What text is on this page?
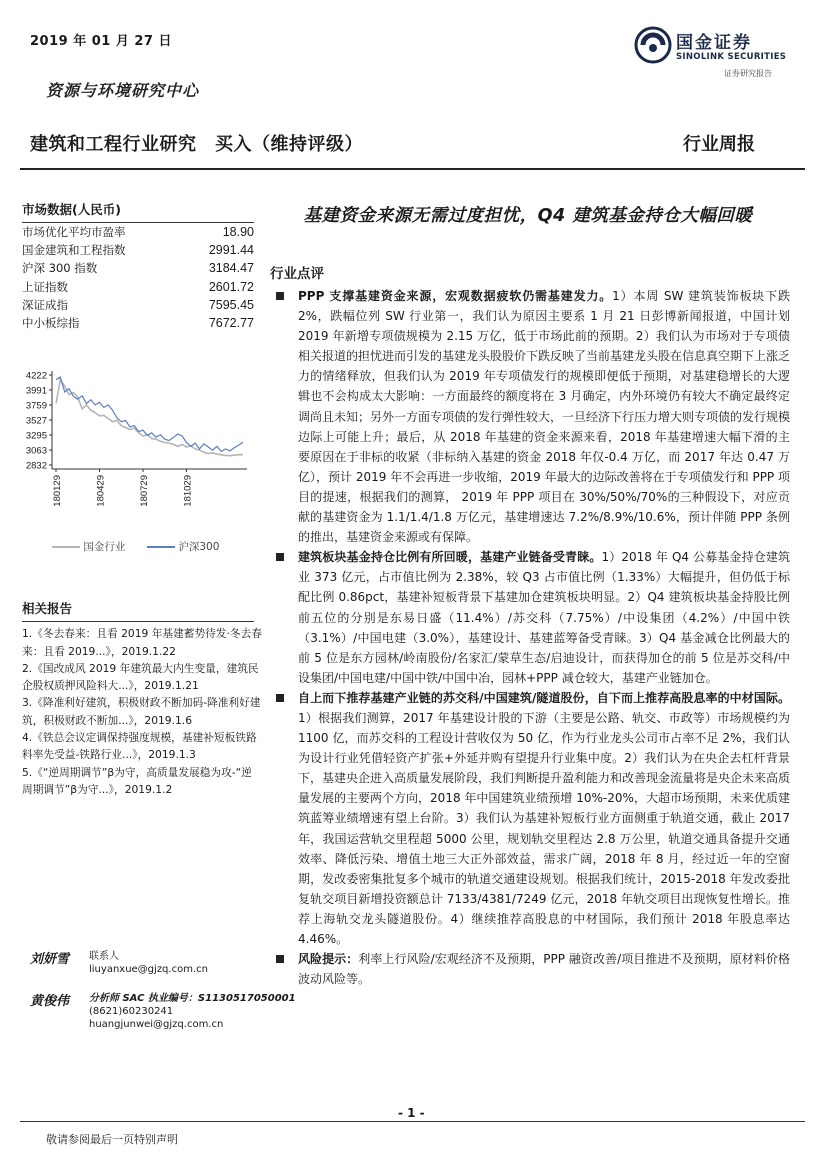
2019 年 01 月 27 日
资源与环境研究中心
建筑和工程行业研究　买入（维持评级）	行业周报
国金证券
SINOLINK SECURITIES
证券研究报告
市场数据(人民币)
市场优化平均市盈率	18.90
国金建筑和工程指数	2991.44
沪深 300 指数	3184.47
上证指数	2601.72
深证成指	7595.45
中小板综指	7672.77
4222
3991
3759
3527
3295
3063
2832
180129	180429	180729	181029
国金行业	沪深300
相关报告
1.《冬去春来：且看 2019 年基建蓄势待发·冬去春来：且看 2019...》，2019.1.22
2.《国改成风 2019 年建筑最大内生变量，建筑民企股权质押风险料大...》，2019.1.21
3.《降准利好建筑，积极财政不断加码-降准利好建筑，积极财政不断加...》，2019.1.6
4.《铁总会议定调保持强度规模，基建补短板铁路料率先受益-铁路行业...》，2019.1.3
5.《“逆周期调节”β为守，高质量发展稳为攻-“逆周期调节”β为守...》，2019.1.2
刘妍雪 联系人
liuyanxue@gjzq.com.cn
黄俊伟 分析师 SAC 执业编号：S1130517050001
(8621)60230241
huangjunwei@gjzq.com.cn
基建资金来源无需过度担忧，Q4 建筑基金持仓大幅回暖
行业点评
PPP 支撑基建资金来源，宏观数据疲软仍需基建发力。1）本周 SW 建筑装饰板块下跌 2%，跌幅位列 SW 行业第一，我们认为原因主要系 1 月 21 日彭博新闻报道，中国计划 2019 年新增专项债规模为 2.15 万亿，低于市场此前的预期。2）我们认为市场对于专项债相关报道的担忧进而引发的基建龙头股股价下跌反映了当前基建龙头股在信息真空期下上涨乏力的情绪释放，但我们认为 2019 年专项债发行的规模即便低于预期，对基建稳增长的大逻辑也不会构成太大影响：一方面最终的额度将在 3 月确定，内外环境仍有较大不确定最终定调尚且未知；另外一方面专项债的发行弹性较大，一旦经济下行压力增大则专项债的发行规模边际上可能上升；最后，从 2018 年基建的资金来源来看，2018 年基建增速大幅下滑的主要原因在于非标的收紧（非标纳入基建的资金 2018 年仅-0.4 万亿，而 2017 年达 0.47 万亿），预计 2019 年不会再进一步收缩，2019 年最大的边际改善将在于专项债发行和 PPP 项目的提速，根据我们的测算， 2019 年 PPP 项目在 30%/50%/70%的三种假设下，对应贡献的基建资金为 1.1/1.4/1.8 万亿元，基建增速达 7.2%/8.9%/10.6%，预计伴随 PPP 条例的推出，基建资金来源或有保障。
建筑板块基金持仓比例有所回暖，基建产业链备受青睐。1）2018 年 Q4 公募基金持仓建筑业 373 亿元，占市值比例为 2.38%，较 Q3 占市值比例（1.33%）大幅提升，但仍低于标配比例 0.86pct，基建补短板背景下基建加仓建筑板块明显。2）Q4 建筑板块基金持股比例前五位的分别是东易日盛（11.4%）/苏交科（7.75%）/中设集团（4.2%）/中国中铁（3.1%）/中国电建（3.0%），基建设计、基建蓝筹备受青睐。3）Q4 基金减仓比例最大的前 5 位是东方园林/岭南股份/名家汇/蒙草生态/启迪设计，而获得加仓的前 5 位是苏交科/中设集团/中国电建/中国中铁/中国中冶，园林+PPP 减仓较大，基建产业链加仓。
自上而下推荐基建产业链的苏交科/中国建筑/隧道股份，自下而上推荐高股息率的中材国际。1）根据我们测算，2017 年基建设计股的下游（主要是公路、轨交、市政等）市场规模约为 1100 亿，而苏交科的工程设计营收仅为 50 亿，作为行业龙头公司市占率不足 2%，我们认为设计行业凭借轻资产扩张+外延并购有望提升行业集中度。2）我们认为在央企去杠杆背景下，基建央企进入高质量发展阶段，我们判断提升盈利能力和改善现金流量将是央企未来高质量发展的主要两个方向，2018 年中国建筑业绩预增 10%-20%，大超市场预期，未来优质建筑蓝筹业绩增速有望上台阶。3）我们认为基建补短板行业方面侧重于轨道交通，截止 2017 年，我国运营轨交里程超 5000 公里，规划轨交里程达 2.8 万公里，轨道交通具备提升交通效率、降低污染、增值土地三大正外部效益，需求广阔，2018 年 8 月，经过近一年的空窗期，发改委密集批复多个城市的轨道交通建设规划。根据我们统计，2015-2018 年发改委批复轨交项目新增投资额总计 7133/4381/7249 亿元，2018 年轨交项目出现恢复性增长。推荐上海轨交龙头隧道股份。4）继续推荐高股息的中材国际，我们预计 2018 年股息率达 4.46%。
风险提示：利率上行风险/宏观经济不及预期，PPP 融资改善/项目推进不及预期，原材料价格波动风险等。
- 1 -
敬请参阅最后一页特别声明
